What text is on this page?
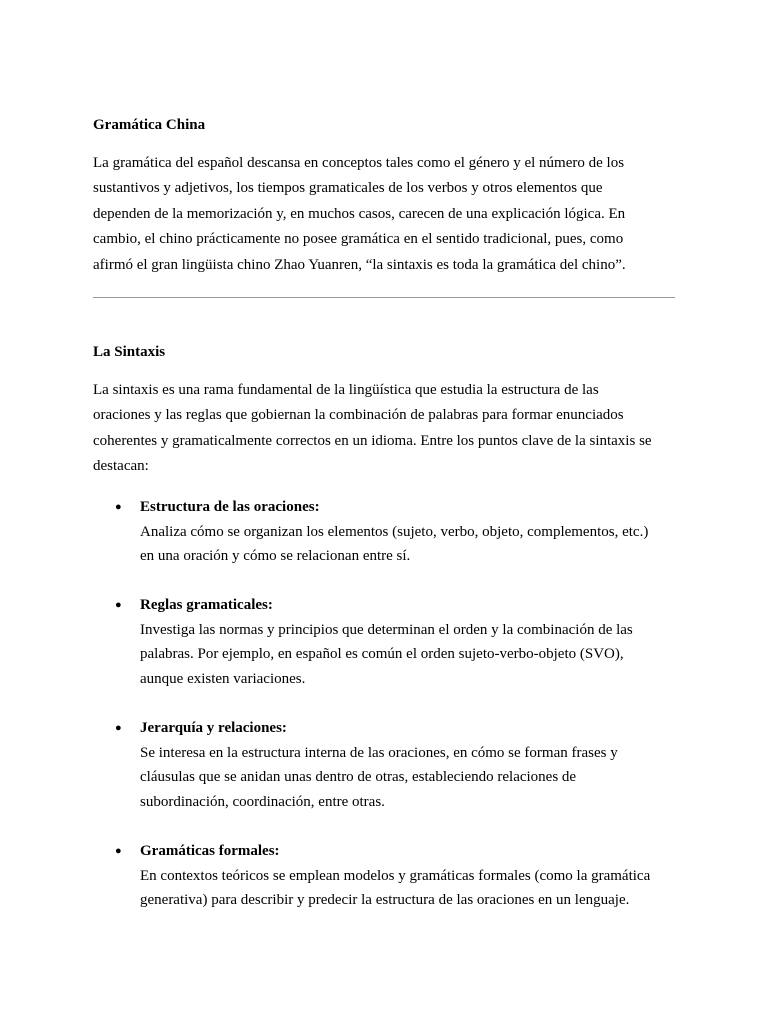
Gramática China

La gramática del español descansa en conceptos tales como el género y el número de los
sustantivos y adjetivos, los tiempos gramaticales de los verbos y otros elementos que
dependen de la memorización y, en muchos casos, carecen de una explicación lógica. En
cambio, el chino prácticamente no posee gramática en el sentido tradicional, pues, como
afirmó el gran lingüista chino Zhao Yuanren, “la sintaxis es toda la gramática del chino”.

La Sintaxis

La sintaxis es una rama fundamental de la lingüística que estudia la estructura de las
oraciones y las reglas que gobiernan la combinación de palabras para formar enunciados
coherentes y gramaticalmente correctos en un idioma. Entre los puntos clave de la sintaxis se
destacan:

● Estructura de las oraciones:
Analiza cómo se organizan los elementos (sujeto, verbo, objeto, complementos, etc.)
en una oración y cómo se relacionan entre sí.
● Reglas gramaticales:
Investiga las normas y principios que determinan el orden y la combinación de las
palabras. Por ejemplo, en español es común el orden sujeto-verbo-objeto (SVO),
aunque existen variaciones.
● Jerarquía y relaciones:
Se interesa en la estructura interna de las oraciones, en cómo se forman frases y
cláusulas que se anidan unas dentro de otras, estableciendo relaciones de
subordinación, coordinación, entre otras.
● Gramáticas formales:
En contextos teóricos se emplean modelos y gramáticas formales (como la gramática
generativa) para describir y predecir la estructura de las oraciones en un lenguaje.
